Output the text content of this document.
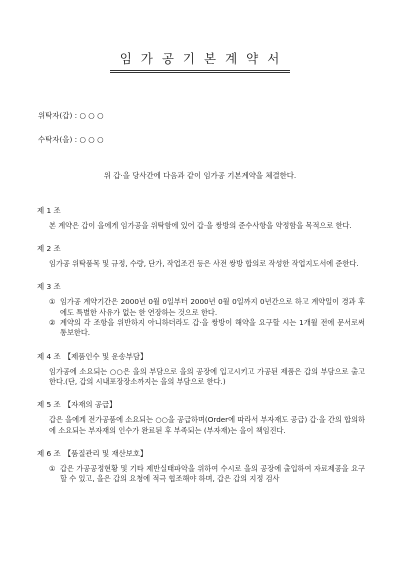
임가공기본계약서
위탁자(갑) : ○ ○ ○
수탁자(을) : ○ ○ ○
위 갑·을 당사간에 다음과 같이 임가공 기본계약을 체결한다.
제 1 조
본 계약은 갑이 을에게 임가공을 위탁함에 있어 갑·을 쌍방의 준수사항을 약정함을 목적으로 한다.
제 2 조
임가공 위탁품목 및 규정, 수량, 단가, 작업조건 등은 사전 쌍방 합의로 작성한 작업지도서에 준한다.
제 3 조
① 임가공 계약기간은 2000년 0월 0일부터 2000년 0월 0일까지 0년간으로 하고 계약일이 경과 후에도 특별한 사유가 없는 한 연장하는 것으로 한다.
② 계약의 각 조항을 위반하지 아니하더라도 갑·을 쌍방이 해약을 요구할 시는 1개월 전에 문서로써 통보한다.
제 4 조 【제품인수 및 운송부담】
임가공에 소요되는 ○○은 을의 부담으로 을의 공장에 입고시키고 가공된 제품은 갑의 부담으로 출고한다.(단, 갑의 시내포장장소까지는 을의 부담으로 한다.)
제 5 조 【자재의 공급】
갑은 을에게 전가공품에 소요되는 ○○을 공급하며(Order에 따라서 부자재도 공급) 갑·을 간의 합의하에 소요되는 부자재의 인수가 완료된 후 부족되는 (부자재)는 을이 책임진다.
제 6 조 【품질관리 및 재산보호】
① 갑은 가공공정현황 및 기타 제반실태파악을 위하여 수시로 을의 공장에 출입하여 자료제공을 요구할 수 있고, 을은 갑의 요청에 적극 협조해야 하며, 갑은 갑의 지정 검사
